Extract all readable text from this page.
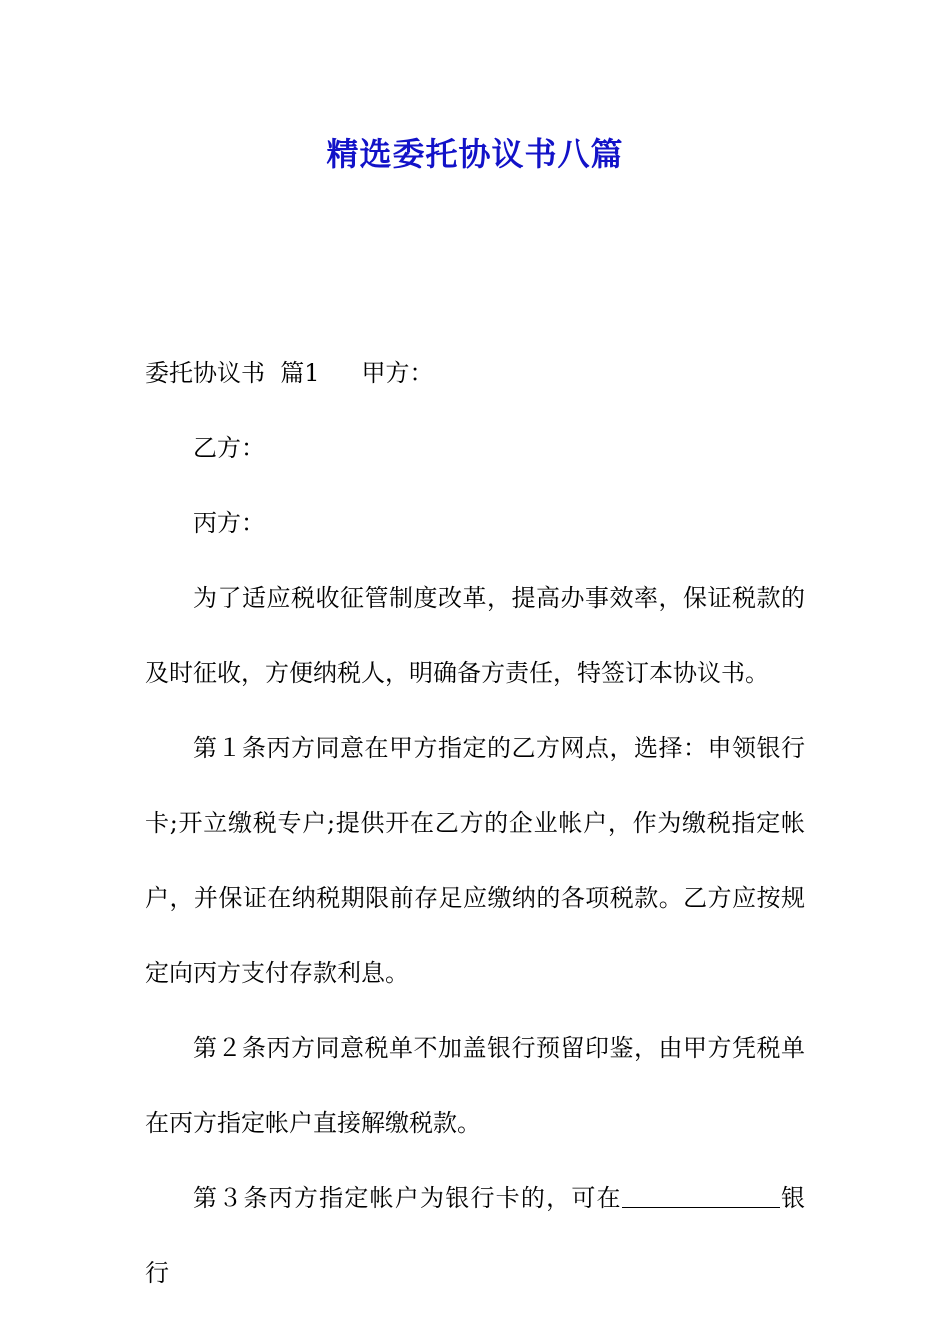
精选委托协议书八篇

委托协议书 篇1 甲方：

乙方：

丙方：

为了适应税收征管制度改革，提高办事效率，保证税款的及时征收，方便纳税人，明确备方责任，特签订本协议书。

第１条丙方同意在甲方指定的乙方网点，选择：申领银行卡;开立缴税专户;提供开在乙方的企业帐户，作为缴税指定帐户，并保证在纳税期限前存足应缴纳的各项税款。乙方应按规定向丙方支付存款利息。

第２条丙方同意税单不加盖银行预留印鉴，由甲方凭税单在丙方指定帐户直接解缴税款。

第３条丙方指定帐户为银行卡的，可在	银行
